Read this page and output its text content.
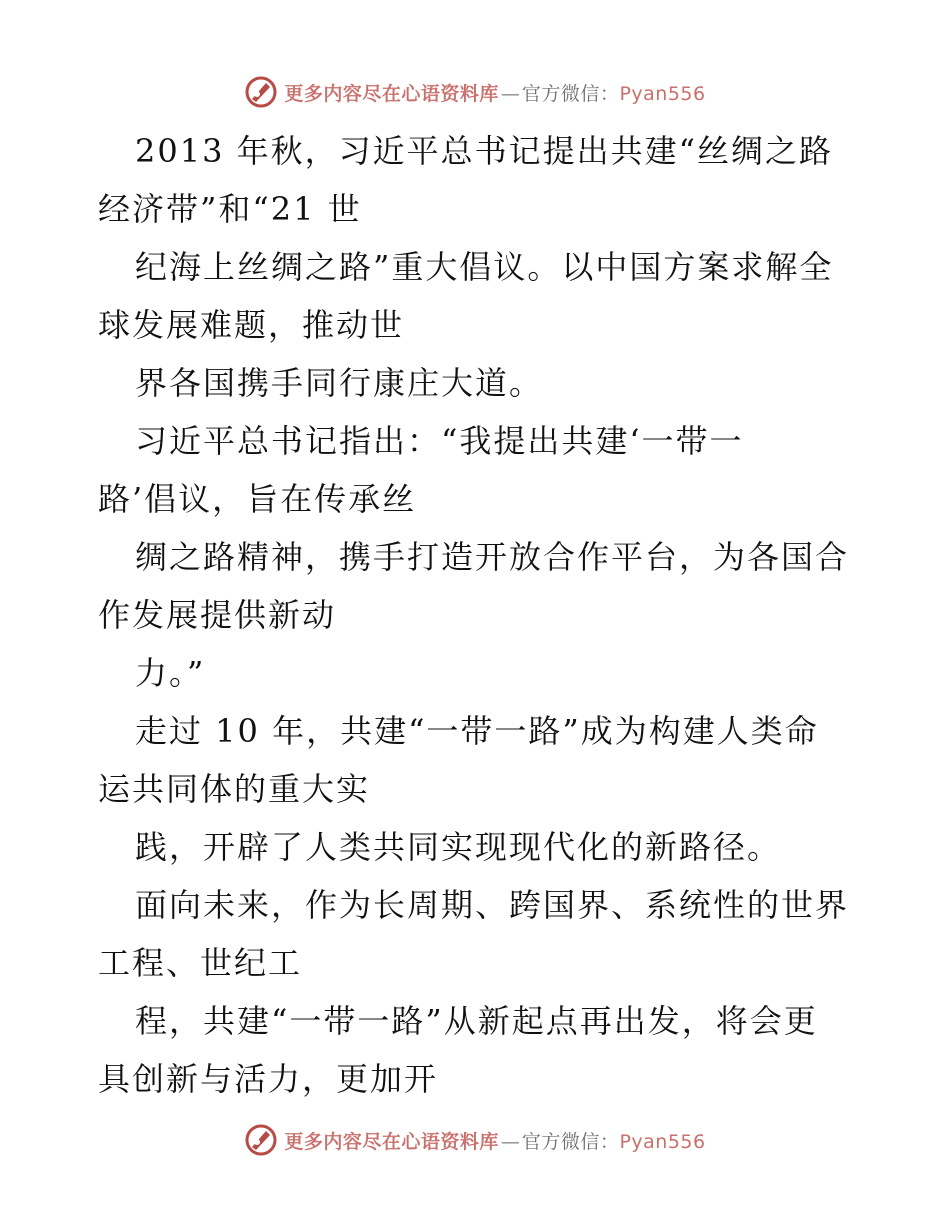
更多内容尽在心语资料库 — 官方微信：Pyan556
2013 年秋，习近平总书记提出共建“丝绸之路
经济带”和“21 世
纪海上丝绸之路”重大倡议。以中国方案求解全
球发展难题，推动世
界各国携手同行康庄大道。
习近平总书记指出：“我提出共建‘一带一
路’倡议，旨在传承丝
绸之路精神，携手打造开放合作平台，为各国合
作发展提供新动
力。”
走过 10 年，共建“一带一路”成为构建人类命
运共同体的重大实
践，开辟了人类共同实现现代化的新路径。
面向未来，作为长周期、跨国界、系统性的世界
工程、世纪工
程，共建“一带一路”从新起点再出发，将会更
具创新与活力，更加开
更多内容尽在心语资料库 — 官方微信：Pyan556
